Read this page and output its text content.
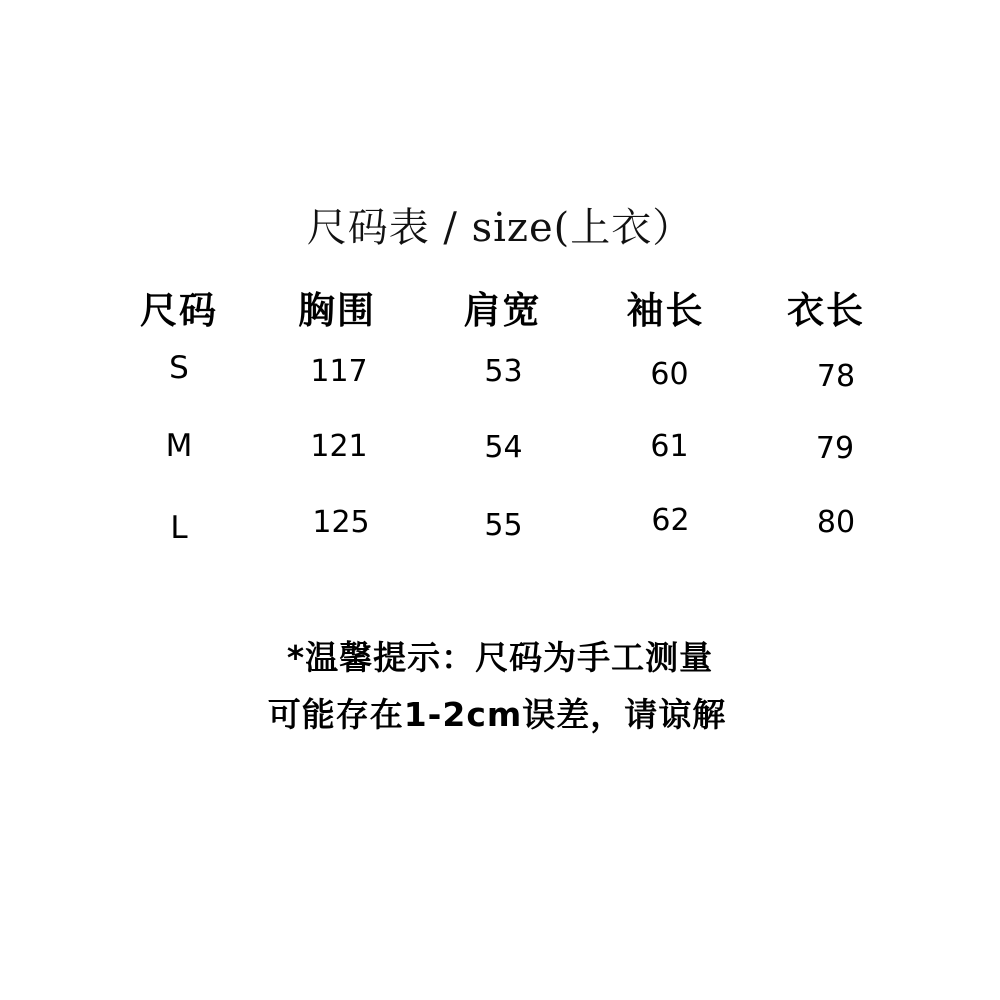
尺码表 / size(上衣）
尺码	胸围	肩宽	袖长	衣长
S	117	53	60	78
M	121	54	61	79
L	125	55	62	80
*温馨提示：尺码为手工测量
可能存在1-2cm误差，请谅解
